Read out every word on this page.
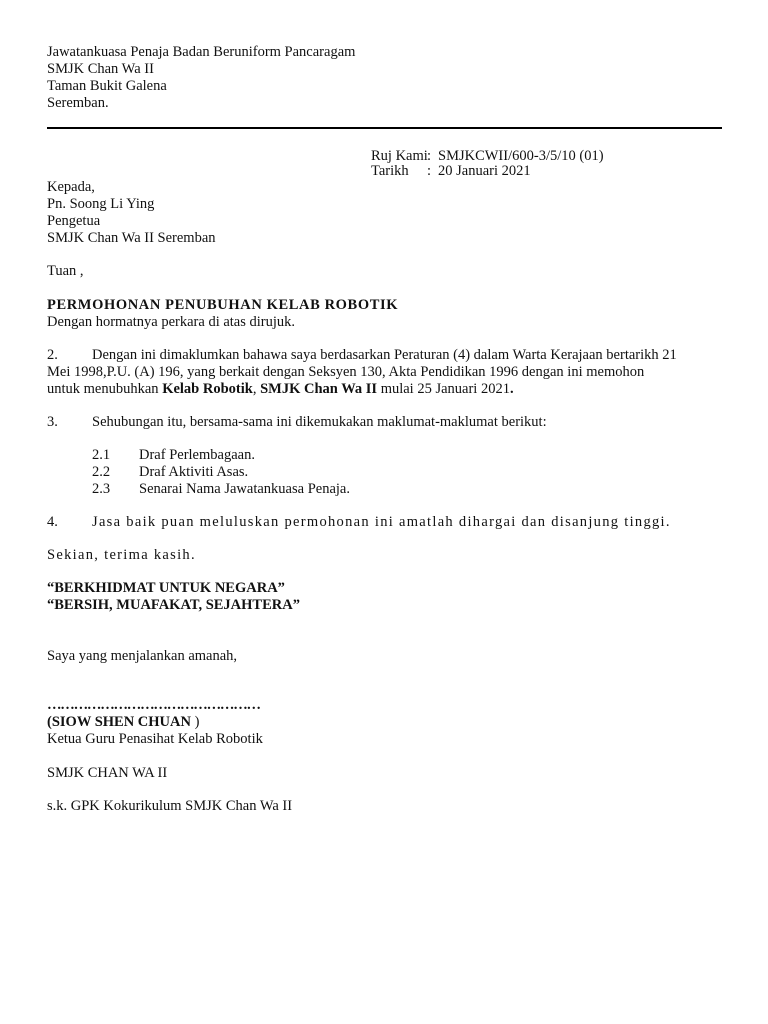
Jawatankuasa Penaja Badan Beruniform Pancaragam
SMJK Chan Wa II
Taman Bukit Galena
Seremban.
Ruj Kami : SMJKCWII/600-3/5/10 (01)
Tarikh : 20 Januari 2021
Kepada,
Pn. Soong Li Ying
Pengetua
SMJK Chan Wa II Seremban
Tuan ,
PERMOHONAN PENUBUHAN KELAB ROBOTIK
Dengan hormatnya perkara di atas dirujuk.
2. Dengan ini dimaklumkan bahawa saya berdasarkan Peraturan (4) dalam Warta Kerajaan bertarikh 21
Mei 1998,P.U. (A) 196, yang berkait dengan Seksyen 130, Akta Pendidikan 1996 dengan ini memohon
untuk menubuhkan Kelab Robotik, SMJK Chan Wa II mulai 25 Januari 2021.
3. Sehubungan itu, bersama-sama ini dikemukakan maklumat-maklumat berikut:
2.1 Draf Perlembagaan.
2.2 Draf Aktiviti Asas.
2.3 Senarai Nama Jawatankuasa Penaja.
4. Jasa baik puan meluluskan permohonan ini amatlah dihargai dan disanjung tinggi.
Sekian, terima kasih.
“BERKHIDMAT UNTUK NEGARA”
“BERSIH, MUAFAKAT, SEJAHTERA”
Saya yang menjalankan amanah,
…………………………………………
(SIOW SHEN CHUAN )
Ketua Guru Penasihat Kelab Robotik
SMJK CHAN WA II
s.k. GPK Kokurikulum SMJK Chan Wa II
